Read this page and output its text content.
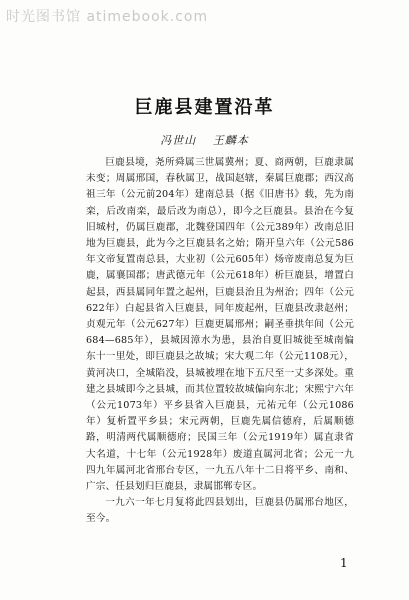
时光图书馆 atimebook.com
巨鹿县建置沿革
冯世山 王麟本

巨鹿县境，尧所舜属三世属冀州；夏、商两朝，巨鹿隶属未变；周属邢国，春秋属卫，战国赵辖，秦属巨鹿郡；西汉高祖三年（公元前204年）建南总县（据《旧唐书》载，先为南栾，后改南栾，最后改为南总），即今之巨鹿县。县治在今复旧城村，仍属巨鹿郡，北魏登国四年（公元389年）改南总旧地为巨鹿县，此为今之巨鹿县名之始；隋开皇六年（公元586年文帝复置南总县，大业初（公元605年）炀帝废南总复为巨鹿，属襄国郡；唐武德元年（公元618年）析巨鹿县，增置白起县，西县属同年置之起州，巨鹿县治且为州治；四年（公元622年）白起县省入巨鹿县，同年废起州，巨鹿县改隶赵州；贞观元年（公元627年）巨鹿更属邢州；嗣圣垂拱年间（公元684—685年），县城因漳水为患，县治自夏旧城徙至城南偏东十一里处，即巨鹿县之故城；宋大观二年（公元1108元），黄河决口，全城陷没，县城被埋在地下五尺至一丈多深处。重建之县城即今之县城，而其位置较故城偏向东北；宋熙宁六年（公元1073年）平乡县省入巨鹿县，元祐元年（公元1086年）复析置平乡县；宋元两朝，巨鹿先属信德府，后属顺德路，明清两代属顺德府；民国三年（公元1919年）属直隶省大名道，十七年（公元1928年）废道直属河北省；公元一九四九年属河北省邢台专区，一九五八年十二日将平乡、南和、广宗、任县划归巨鹿县，隶属邯郸专区。

一九六一年七月复将此四县划出，巨鹿县仍属邢台地区，至今。

1
